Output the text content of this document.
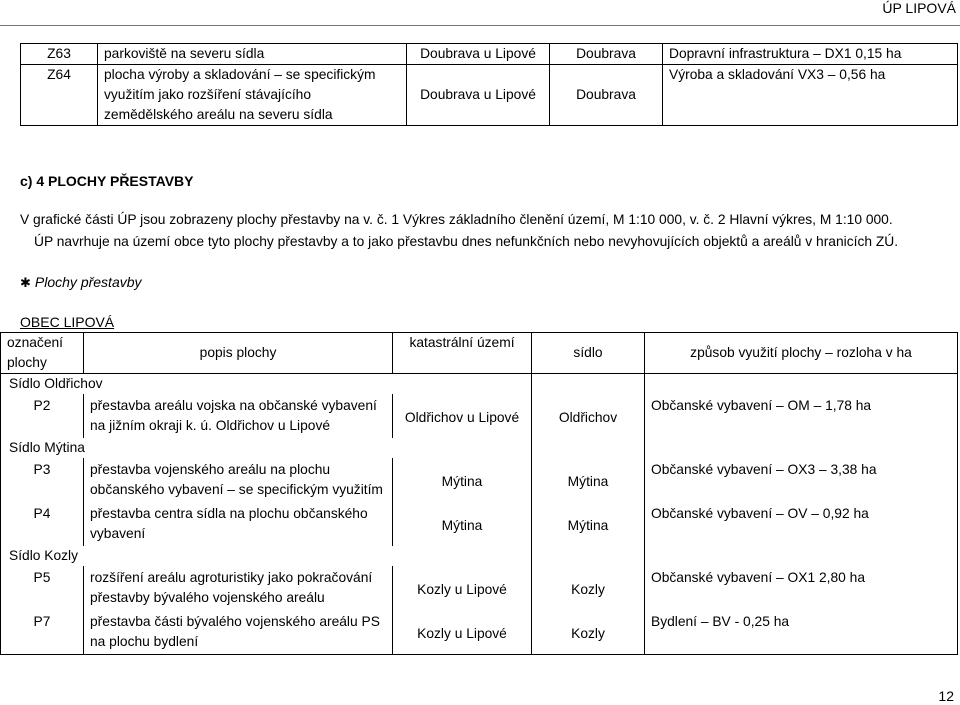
ÚP LIPOVÁ
Z63	parkoviště na severu sídla	Doubrava u Lipové	Doubrava	Dopravní infrastruktura – DX1 0,15 ha
Z64	plocha výroby a skladování – se specifickým využitím jako rozšíření stávajícího zemědělského areálu na severu sídla	Doubrava u Lipové	Doubrava	Výroba a skladování VX3 – 0,56 ha
c) 4 PLOCHY PŘESTAVBY
V grafické části ÚP jsou zobrazeny plochy přestavby na v. č. 1 Výkres základního členění území, M 1:10 000, v. č. 2 Hlavní výkres, M 1:10 000.
ÚP navrhuje na území obce tyto plochy přestavby a to jako přestavbu dnes nefunkčních nebo nevyhovujících objektů a areálů v hranicích ZÚ.
✱ Plochy přestavby
OBEC LIPOVÁ
označení plochy	popis plochy	katastrální území	sídlo	způsob využití plochy – rozloha v ha
Sídlo Oldřichov				
P2	přestavba areálu vojska na občanské vybavení na jižním okraji k. ú. Oldřichov u Lipové	Oldřichov u Lipové	Oldřichov	Občanské vybavení – OM – 1,78 ha
Sídlo Mýtina				
P3	přestavba vojenského areálu na plochu občanského vybavení – se specifickým využitím	Mýtina	Mýtina	Občanské vybavení – OX3 – 3,38 ha
P4	přestavba centra sídla na plochu občanského vybavení	Mýtina	Mýtina	Občanské vybavení – OV – 0,92 ha
Sídlo Kozly				
P5	rozšíření areálu agroturistiky jako pokračování přestavby bývalého vojenského areálu	Kozly u Lipové	Kozly	Občanské vybavení – OX1 2,80 ha
P7	přestavba části bývalého vojenského areálu PS na plochu bydlení	Kozly u Lipové	Kozly	Bydlení – BV - 0,25 ha
12
